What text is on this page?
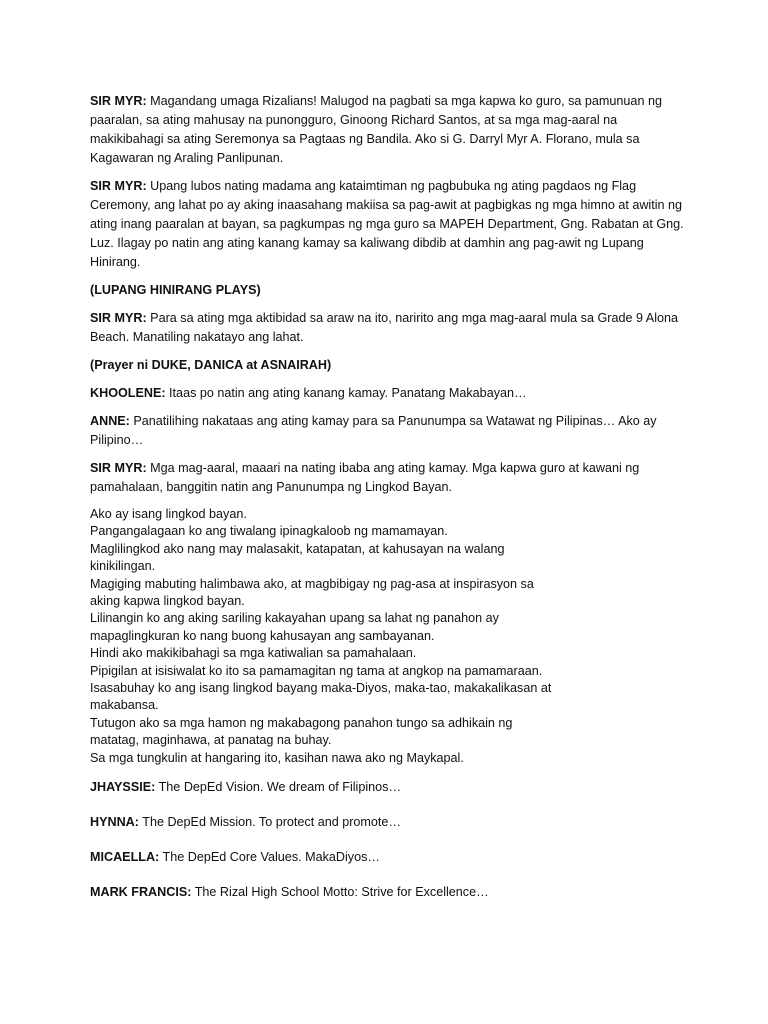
SIR MYR: Magandang umaga Rizalians! Malugod na pagbati sa mga kapwa ko guro, sa pamunuan ng paaralan, sa ating mahusay na punongguro, Ginoong Richard Santos, at sa mga mag-aaral na makikibahagi sa ating Seremonya sa Pagtaas ng Bandila. Ako si G. Darryl Myr A. Florano, mula sa Kagawaran ng Araling Panlipunan.

SIR MYR: Upang lubos nating madama ang kataimtiman ng pagbubuka ng ating pagdaos ng Flag Ceremony, ang lahat po ay aking inaasahang makiisa sa pag-awit at pagbigkas ng mga himno at awitin ng ating inang paaralan at bayan, sa pagkumpas ng mga guro sa MAPEH Department, Gng. Rabatan at Gng. Luz. Ilagay po natin ang ating kanang kamay sa kaliwang dibdib at damhin ang pag-awit ng Lupang Hinirang.

(LUPANG HINIRANG PLAYS)

SIR MYR: Para sa ating mga aktibidad sa araw na ito, naririto ang mga mag-aaral mula sa Grade 9 Alona Beach. Manatiling nakatayo ang lahat.

(Prayer ni DUKE, DANICA at ASNAIRAH)

KHOOLENE: Itaas po natin ang ating kanang kamay. Panatang Makabayan…

ANNE: Panatilihing nakataas ang ating kamay para sa Panunumpa sa Watawat ng Pilipinas… Ako ay Pilipino…

SIR MYR: Mga mag-aaral, maaari na nating ibaba ang ating kamay. Mga kapwa guro at kawani ng pamahalaan, banggitin natin ang Panunumpa ng Lingkod Bayan.

Ako ay isang lingkod bayan.
Pangangalagaan ko ang tiwalang ipinagkaloob ng mamamayan.
Maglilingkod ako nang may malasakit, katapatan, at kahusayan na walang
kinikilingan.
Magiging mabuting halimbawa ako, at magbibigay ng pag-asa at inspirasyon sa
aking kapwa lingkod bayan.
Lilinangin ko ang aking sariling kakayahan upang sa lahat ng panahon ay
mapaglingkuran ko nang buong kahusayan ang sambayanan.
Hindi ako makikibahagi sa mga katiwalian sa pamahalaan.
Pipigilan at isisiwalat ko ito sa pamamagitan ng tama at angkop na pamamaraan.
Isasabuhay ko ang isang lingkod bayang maka-Diyos, maka-tao, makakalikasan at
makabansa.
Tutugon ako sa mga hamon ng makabagong panahon tungo sa adhikain ng
matatag, maginhawa, at panatag na buhay.
Sa mga tungkulin at hangaring ito, kasihan nawa ako ng Maykapal.

JHAYSSIE: The DepEd Vision. We dream of Filipinos…

HYNNA: The DepEd Mission. To protect and promote…

MICAELLA: The DepEd Core Values. MakaDiyos…

MARK FRANCIS: The Rizal High School Motto: Strive for Excellence…
